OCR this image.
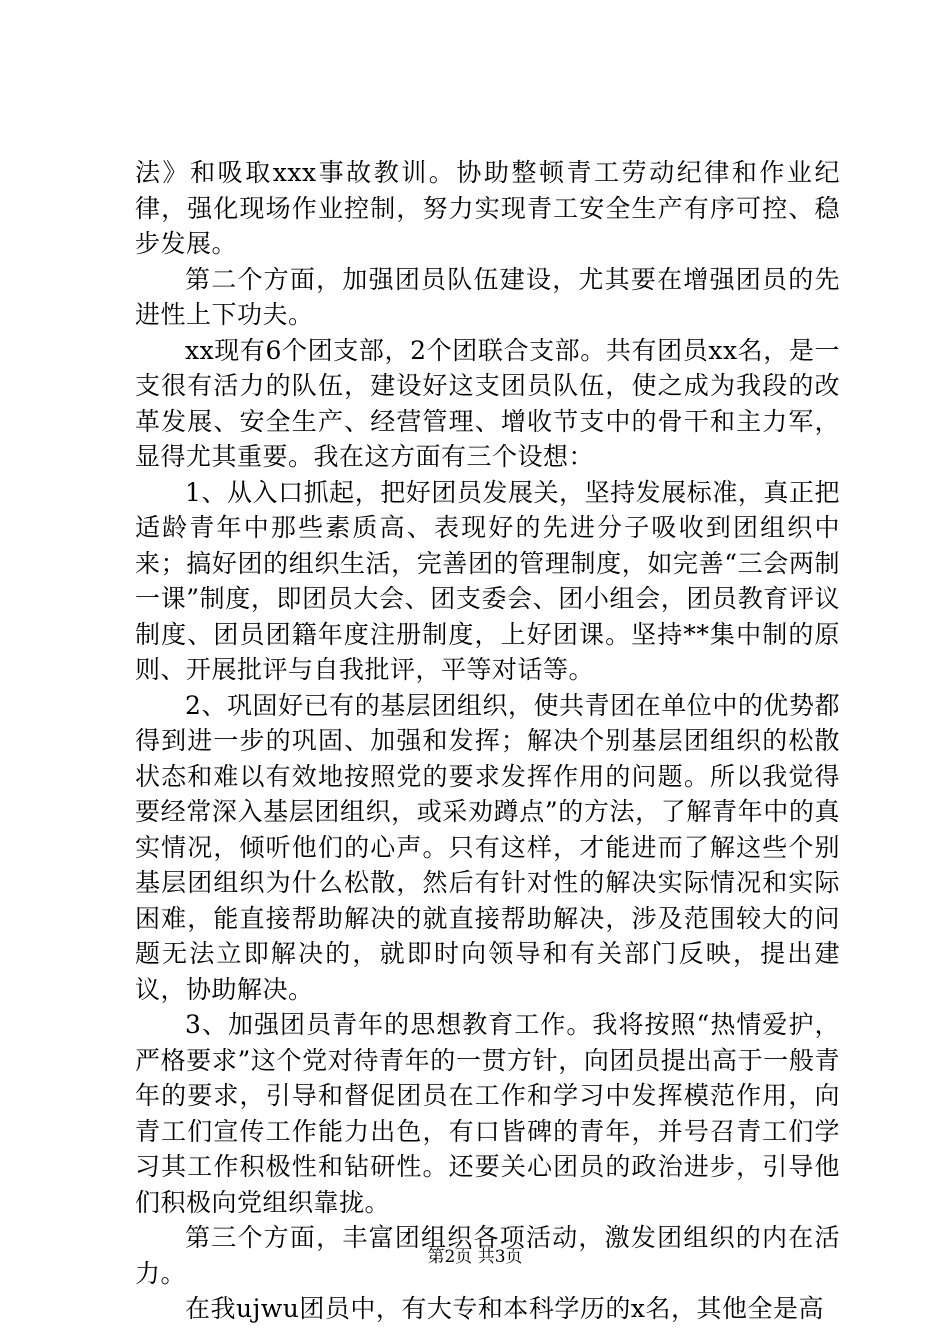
法》和吸取xxx事故教训。协助整顿青工劳动纪律和作业纪律，强化现场作业控制，努力实现青工安全生产有序可控、稳步发展。

第二个方面，加强团员队伍建设，尤其要在增强团员的先进性上下功夫。

xx现有6个团支部，2个团联合支部。共有团员xx名，是一支很有活力的队伍，建设好这支团员队伍，使之成为我段的改革发展、安全生产、经营管理、增收节支中的骨干和主力军，显得尤其重要。我在这方面有三个设想：

1、从入口抓起，把好团员发展关，坚持发展标准，真正把适龄青年中那些素质高、表现好的先进分子吸收到团组织中来；搞好团的组织生活，完善团的管理制度，如完善“三会两制一课”制度，即团员大会、团支委会、团小组会，团员教育评议制度、团员团籍年度注册制度，上好团课。坚持**集中制的原则、开展批评与自我批评，平等对话等。

2、巩固好已有的基层团组织，使共青团在单位中的优势都得到进一步的巩固、加强和发挥；解决个别基层团组织的松散状态和难以有效地按照党的要求发挥作用的问题。所以我觉得要经常深入基层团组织，或采劝蹲点”的方法，了解青年中的真实情况，倾听他们的心声。只有这样，才能进而了解这些个别基层团组织为什么松散，然后有针对性的解决实际情况和实际困难，能直接帮助解决的就直接帮助解决，涉及范围较大的问题无法立即解决的，就即时向领导和有关部门反映，提出建议，协助解决。

3、加强团员青年的思想教育工作。我将按照“热情爱护，严格要求”这个党对待青年的一贯方针，向团员提出高于一般青年的要求，引导和督促团员在工作和学习中发挥模范作用，向青工们宣传工作能力出色，有口皆碑的青年，并号召青工们学习其工作积极性和钻研性。还要关心团员的政治进步，引导他们积极向党组织靠拢。

第三个方面，丰富团组织各项活动，激发团组织的内在活力。

在我ujwu团员中，有大专和本科学历的x名，其他全是高

第2页 共3页
